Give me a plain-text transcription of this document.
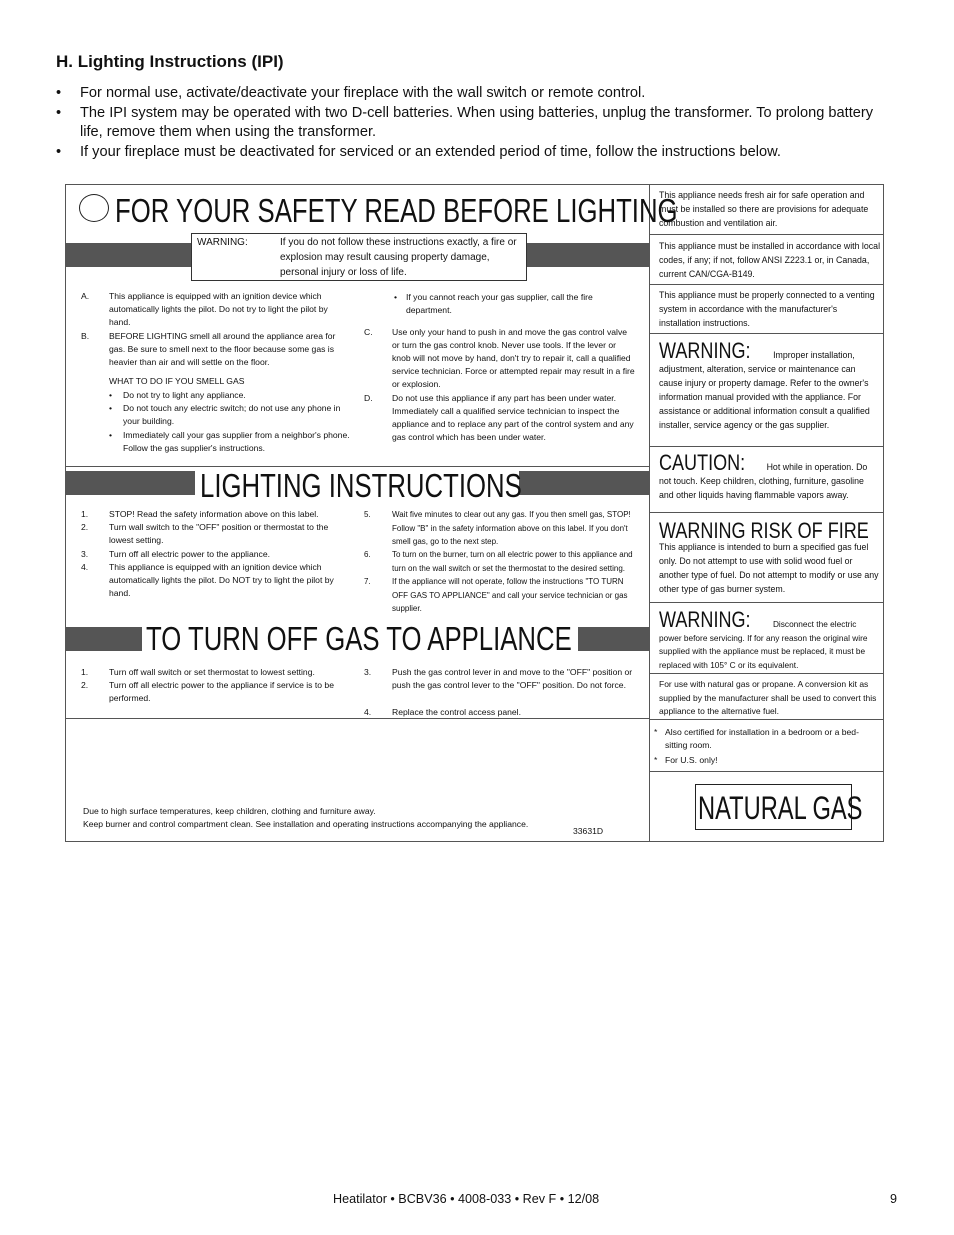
H. Lighting Instructions (IPI)
• For normal use, activate/deactivate your fireplace with the wall switch or remote control.
• The IPI system may be operated with two D-cell batteries. When using batteries, unplug the transformer. To prolong battery life, remove them when using the transformer.
• If your fireplace must be deactivated for serviced or an extended period of time, follow the instructions below.
FOR YOUR SAFETY READ BEFORE LIGHTING
WARNING:	If you do not follow these instructions exactly, a fire or explosion may result causing property damage, personal injury or loss of life.
A. This appliance is equipped with an ignition device which automatically lights the pilot. Do not try to light the pilot by hand.
B. BEFORE LIGHTING smell all around the appliance area for gas. Be sure to smell next to the floor because some gas is heavier than air and will settle on the floor.
WHAT TO DO IF YOU SMELL GAS
• Do not try to light any appliance.
• Do not touch any electric switch; do not use any phone in your building.
• Immediately call your gas supplier from a neighbor's phone. Follow the gas supplier's instructions.
• If you cannot reach your gas supplier, call the fire department.
C. Use only your hand to push in and move the gas control valve or turn the gas control knob. Never use tools. If the lever or knob will not move by hand, don't try to repair it, call a qualified service technician. Force or attempted repair may result in a fire or explosion.
D. Do not use this appliance if any part has been under water. Immediately call a qualified service technician to inspect the appliance and to replace any part of the control system and any gas control which has been under water.
LIGHTING INSTRUCTIONS
1. STOP! Read the safety information above on this label.
2. Turn wall switch to the "OFF" position or thermostat to the lowest setting.
3. Turn off all electric power to the appliance.
4. This appliance is equipped with an ignition device which automatically lights the pilot. Do NOT try to light the pilot by hand.
5.	Wait five minutes to clear out any gas. If you then smell gas, STOP! Follow "B" in the safety information above on this label. If you don't smell gas, go to the next step.
6.	To turn on the burner, turn on all electric power to this appliance and turn on the wall switch or set the thermostat to the desired setting.
7.	If the appliance will not operate, follow the instructions "TO TURN OFF GAS TO APPLIANCE" and call your service technician or gas supplier.
TO TURN OFF GAS TO APPLIANCE
1. Turn off wall switch or set thermostat to lowest setting.
2. Turn off all electric power to the appliance if service is to be performed.
3. Push the gas control lever in and move to the "OFF" position or push the gas control lever to the "OFF" position. Do not force.
4. Replace the control access panel.
Due to high surface temperatures, keep children, clothing and furniture away.
Keep burner and control compartment clean. See installation and operating instructions accompanying the appliance.
33631D
This appliance needs fresh air for safe operation and must be installed so there are provisions for adequate combustion and ventilation air.
This appliance must be installed in accordance with local codes, if any; if not, follow ANSI Z223.1 or, in Canada, current CAN/CGA-B149.
This appliance must be properly connected to a venting system in accordance with the manufacturer's installation instructions.
WARNING:	Improper installation, adjustment, alteration, service or maintenance can cause injury or property damage. Refer to the owner's information manual provided with the appliance. For assistance or additional information consult a qualified installer, service agency or the gas supplier.
CAUTION: Hot while in operation. Do not touch. Keep children, clothing, furniture, gasoline and other liquids having flammable vapors away.
WARNING RISK OF FIRE
This appliance is intended to burn a specified gas fuel only. Do not attempt to use with solid wood fuel or another type of fuel. Do not attempt to modify or use any other type of gas burner system.
WARNING:	Disconnect the electric power before servicing. If for any reason the original wire supplied with the appliance must be replaced, it must be replaced with 105° C or its equivalent.
For use with natural gas or propane. A conversion kit as supplied by the manufacturer shall be used to convert this appliance to the alternative fuel.
* Also certified for installation in a bedroom or a bed-sitting room.
* For U.S. only!
NATURAL GAS
Heatilator • BCBV36 • 4008-033 • Rev F • 12/08	9
